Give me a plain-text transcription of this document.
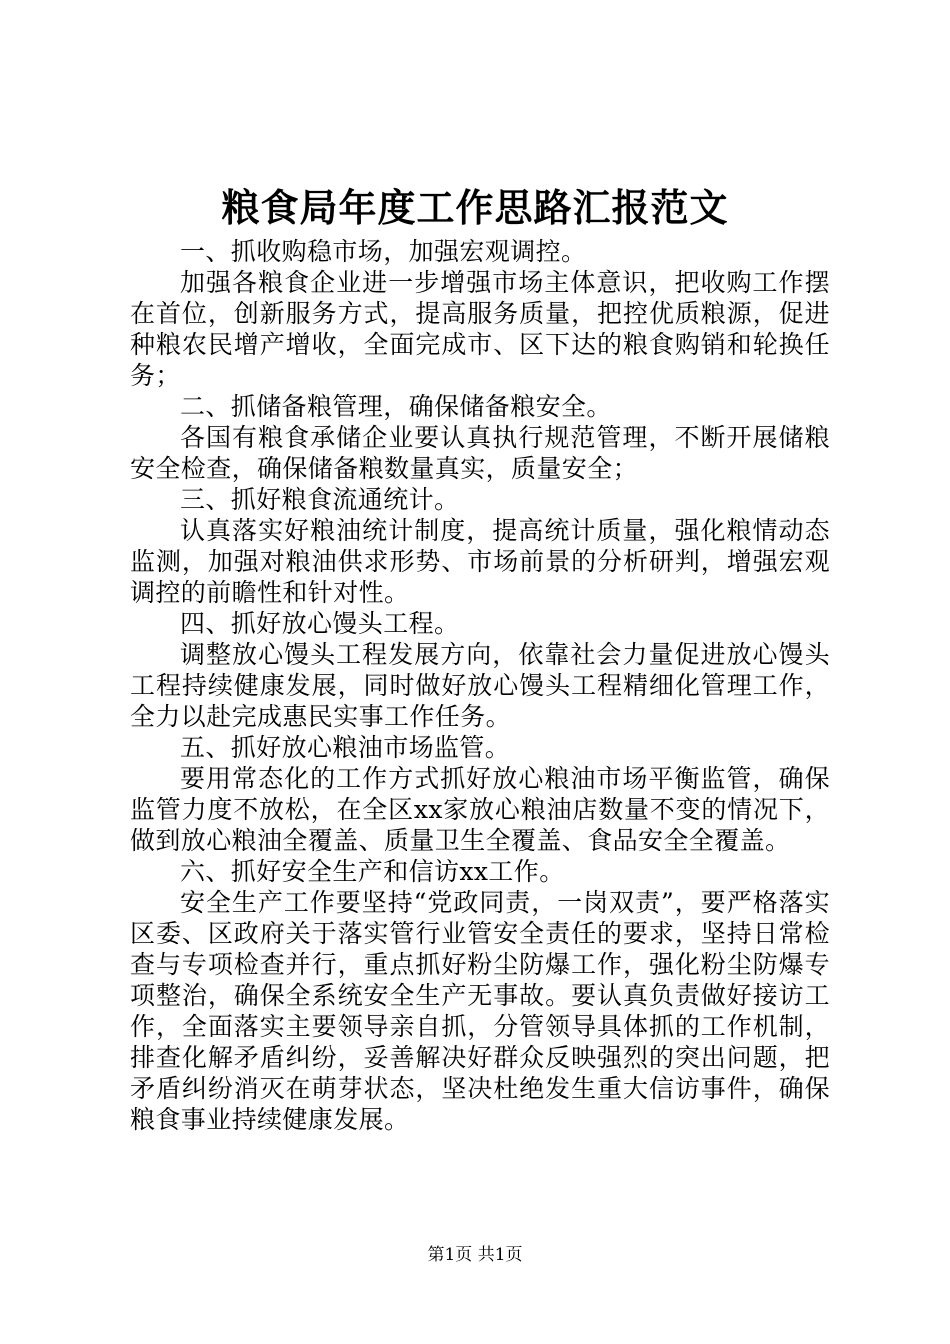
粮食局年度工作思路汇报范文

一、抓收购稳市场，加强宏观调控。

加强各粮食企业进一步增强市场主体意识，把收购工作摆在首位，创新服务方式，提高服务质量，把控优质粮源，促进种粮农民增产增收，全面完成市、区下达的粮食购销和轮换任务；

二、抓储备粮管理，确保储备粮安全。

各国有粮食承储企业要认真执行规范管理，不断开展储粮安全检查，确保储备粮数量真实，质量安全；

三、抓好粮食流通统计。

认真落实好粮油统计制度，提高统计质量，强化粮情动态监测，加强对粮油供求形势、市场前景的分析研判，增强宏观调控的前瞻性和针对性。

四、抓好放心馒头工程。

调整放心馒头工程发展方向，依靠社会力量促进放心馒头工程持续健康发展，同时做好放心馒头工程精细化管理工作，全力以赴完成惠民实事工作任务。

五、抓好放心粮油市场监管。

要用常态化的工作方式抓好放心粮油市场平衡监管，确保监管力度不放松，在全区xx家放心粮油店数量不变的情况下，做到放心粮油全覆盖、质量卫生全覆盖、食品安全全覆盖。

六、抓好安全生产和信访xx工作。

安全生产工作要坚持“党政同责，一岗双责”，要严格落实区委、区政府关于落实管行业管安全责任的要求，坚持日常检查与专项检查并行，重点抓好粉尘防爆工作，强化粉尘防爆专项整治，确保全系统安全生产无事故。要认真负责做好接访工作，全面落实主要领导亲自抓，分管领导具体抓的工作机制，排查化解矛盾纠纷，妥善解决好群众反映强烈的突出问题，把矛盾纠纷消灭在萌芽状态，坚决杜绝发生重大信访事件，确保粮食事业持续健康发展。

第1页 共1页
